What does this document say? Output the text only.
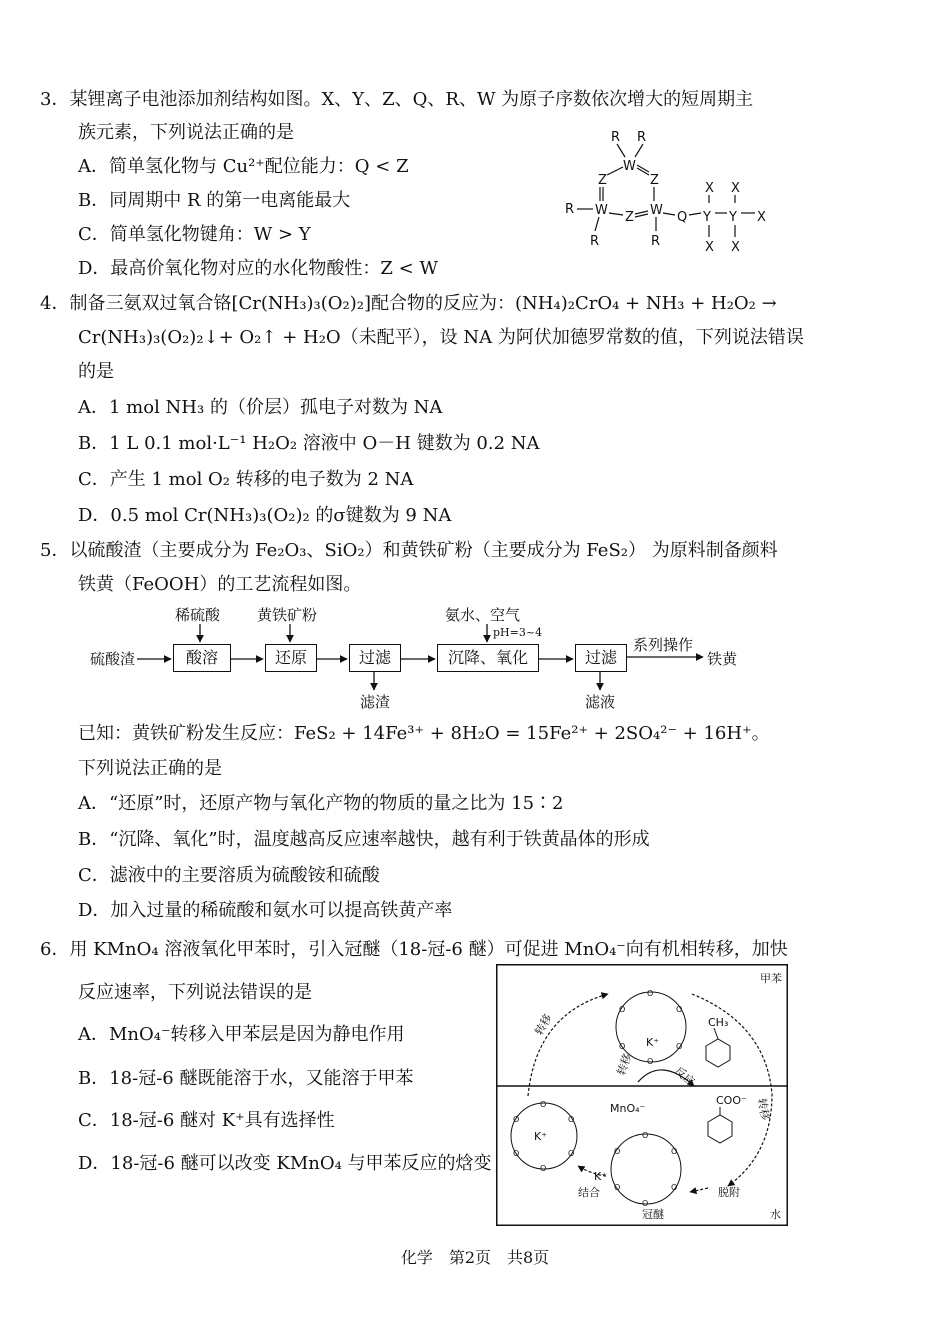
3．某锂离子电池添加剂结构如图。X、Y、Z、Q、R、W 为原子序数依次增大的短周期主
族元素，下列说法正确的是
A．简单氢化物与 Cu²⁺配位能力：Q < Z
B．同周期中 R 的第一电离能最大
C．简单氢化物键角：W > Y
D．最高价氧化物对应的水化物酸性：Z < W
R R
W
Z	Z
R W Z W Q Y Y
X X
X
X X
R	R
4．制备三氨双过氧合铬[Cr(NH₃)₃(O₂)₂]配合物的反应为：(NH₄)₂CrO₄ + NH₃ + H₂O₂ →
Cr(NH₃)₃(O₂)₂↓+ O₂↑ + H₂O（未配平），设 NA 为阿伏加德罗常数的值，下列说法错误
的是
A．1 mol NH₃ 的（价层）孤电子对数为 NA
B．1 L 0.1 mol·L⁻¹ H₂O₂ 溶液中 O－H 键数为 0.2 NA
C．产生 1 mol O₂ 转移的电子数为 2 NA
D．0.5 mol Cr(NH₃)₃(O₂)₂ 的σ键数为 9 NA
5．以硫酸渣（主要成分为 Fe₂O₃、SiO₂）和黄铁矿粉（主要成分为 FeS₂） 为原料制备颜料
铁黄（FeOOH）的工艺流程如图。
硫酸渣
稀硫酸 黄铁矿粉	氨水、空气
pH=3~4
酸溶	还原	过滤	沉降、氧化	过滤
滤渣	滤液
系列操作
铁黄
已知：黄铁矿粉发生反应：FeS₂ + 14Fe³⁺ + 8H₂O = 15Fe²⁺ + 2SO₄²⁻ + 16H⁺。
下列说法正确的是
A．“还原”时，还原产物与氧化产物的物质的量之比为 15∶2
B．“沉降、氧化”时，温度越高反应速率越快，越有利于铁黄晶体的形成
C．滤液中的主要溶质为硫酸铵和硫酸
D．加入过量的稀硫酸和氨水可以提高铁黄产率
6．用 KMnO₄ 溶液氧化甲苯时，引入冠醚（18-冠-6 醚）可促进 MnO₄⁻向有机相转移，加快
反应速率，下列说法错误的是
A．MnO₄⁻转移入甲苯层是因为静电作用
B．18-冠-6 醚既能溶于水，又能溶于甲苯
C．18-冠-6 醚对 K⁺具有选择性
D．18-冠-6 醚可以改变 KMnO₄ 与甲苯反应的焓变
甲苯
水
转移
转移	反应
转移
结合	脱附
冠醚
K⁺
K⁺
K⁺
MnO₄⁻
COO⁻
CH₃
O
O
O
O
O
O
O
O
O
O
O
O
O
O
O
O
O
O
化学　第2页　共8页
